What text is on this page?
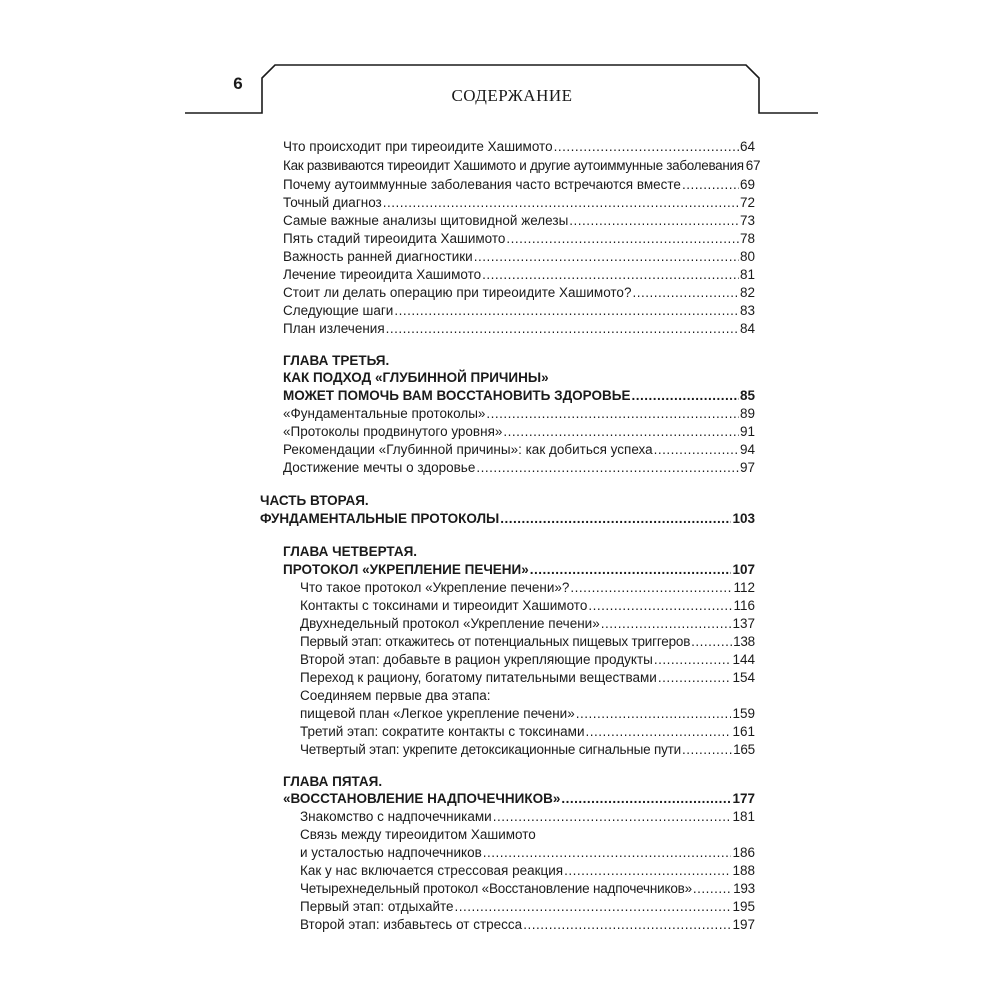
6
СОДЕРЖАНИЕ
Что происходит при тиреоидите Хашимото .....	64
Как развиваются тиреоидит Хашимото и другие аутоиммунные заболевания 67
Почему аутоиммунные заболевания часто встречаются вместе .....	69
Точный диагноз .....	72
Самые важные анализы щитовидной железы .....	73
Пять стадий тиреоидита Хашимото .....	78
Важность ранней диагностики .....	80
Лечение тиреоидита Хашимото .....	81
Стоит ли делать операцию при тиреоидите Хашимото? .....	82
Следующие шаги .....	83
План излечения .....	84
ГЛАВА ТРЕТЬЯ.
КАК ПОДХОД «ГЛУБИННОЙ ПРИЧИНЫ»
МОЖЕТ ПОМОЧЬ ВАМ ВОССТАНОВИТЬ ЗДОРОВЬЕ .....	85
«Фундаментальные протоколы» .....	89
«Протоколы продвинутого уровня» .....	91
Рекомендации «Глубинной причины»: как добиться успеха .....	94
Достижение мечты о здоровье .....	97
ЧАСТЬ ВТОРАЯ.
ФУНДАМЕНТАЛЬНЫЕ ПРОТОКОЛЫ .....	103
ГЛАВА ЧЕТВЕРТАЯ.
ПРОТОКОЛ «УКРЕПЛЕНИЕ ПЕЧЕНИ» .....	107
Что такое протокол «Укрепление печени»? .....	112
Контакты с токсинами и тиреоидит Хашимото .....	116
Двухнедельный протокол «Укрепление печени» .....	137
Первый этап: откажитесь от потенциальных пищевых триггеров .....	138
Второй этап: добавьте в рацион укрепляющие продукты .....	144
Переход к рациону, богатому питательными веществами .....	154
Соединяем первые два этапа:
пищевой план «Легкое укрепление печени» .....	159
Третий этап: сократите контакты с токсинами .....	161
Четвертый этап: укрепите детоксикационные сигнальные пути .....	165
ГЛАВА ПЯТАЯ.
«ВОССТАНОВЛЕНИЕ НАДПОЧЕЧНИКОВ» .....	177
Знакомство с надпочечниками .....	181
Связь между тиреоидитом Хашимото
и усталостью надпочечников .....	186
Как у нас включается стрессовая реакция .....	188
Четырехнедельный протокол «Восстановление надпочечников» .....	193
Первый этап: отдыхайте .....	195
Второй этап: избавьтесь от стресса .....	197
